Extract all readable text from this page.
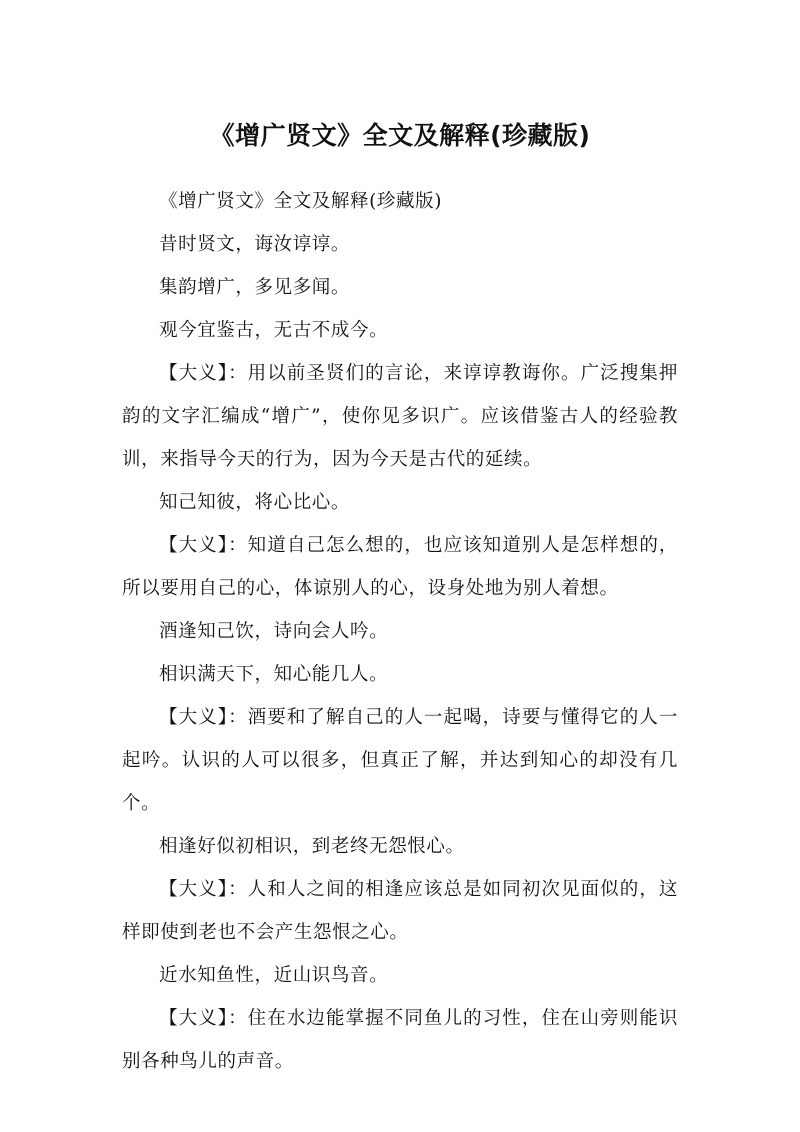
《增广贤文》全文及解释(珍藏版)

《增广贤文》全文及解释(珍藏版)

昔时贤文，诲汝谆谆。

集韵增广，多见多闻。

观今宜鉴古，无古不成今。

【大义】：用以前圣贤们的言论，来谆谆教诲你。广泛搜集押韵的文字汇编成“增广”，使你见多识广。应该借鉴古人的经验教训，来指导今天的行为，因为今天是古代的延续。

知己知彼，将心比心。

【大义】：知道自己怎么想的，也应该知道别人是怎样想的，所以要用自己的心，体谅别人的心，设身处地为别人着想。

酒逢知己饮，诗向会人吟。

相识满天下，知心能几人。

【大义】：酒要和了解自己的人一起喝，诗要与懂得它的人一起吟。认识的人可以很多，但真正了解，并达到知心的却没有几个。

相逢好似初相识，到老终无怨恨心。

【大义】：人和人之间的相逢应该总是如同初次见面似的，这样即使到老也不会产生怨恨之心。

近水知鱼性，近山识鸟音。

【大义】：住在水边能掌握不同鱼儿的习性，住在山旁则能识别各种鸟儿的声音。
